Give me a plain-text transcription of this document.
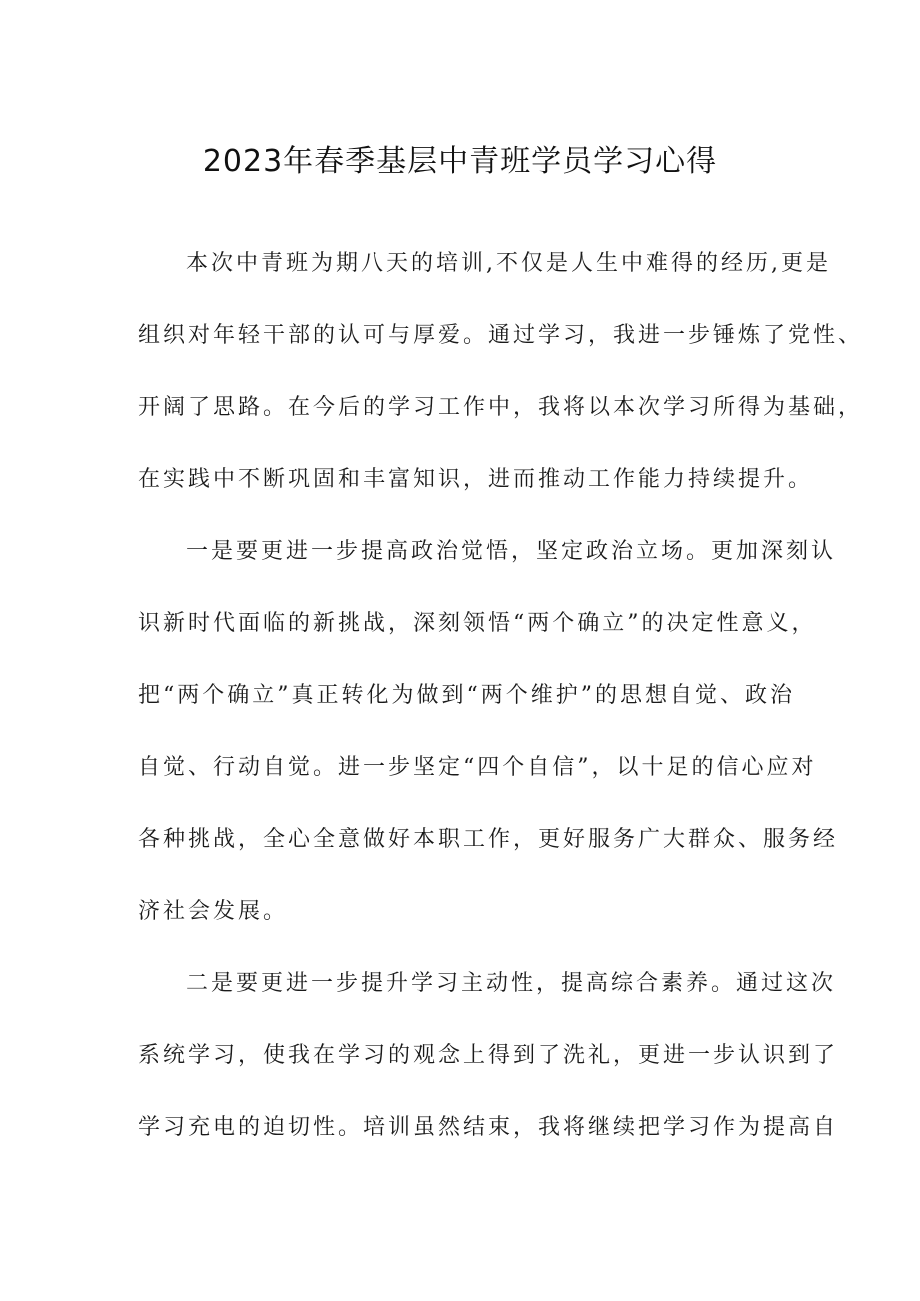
2023年春季基层中青班学员学习心得
本次中青班为期八天的培训,不仅是人生中难得的经历,更是
组织对年轻干部的认可与厚爱。通过学习，我进一步锤炼了党性、
开阔了思路。在今后的学习工作中，我将以本次学习所得为基础，
在实践中不断巩固和丰富知识，进而推动工作能力持续提升。
一是要更进一步提高政治觉悟，坚定政治立场。更加深刻认
识新时代面临的新挑战，深刻领悟“两个确立”的决定性意义，
把“两个确立”真正转化为做到“两个维护”的思想自觉、政治
自觉、行动自觉。进一步坚定“四个自信”，以十足的信心应对
各种挑战，全心全意做好本职工作，更好服务广大群众、服务经
济社会发展。
二是要更进一步提升学习主动性，提高综合素养。通过这次
系统学习，使我在学习的观念上得到了洗礼，更进一步认识到了
学习充电的迫切性。培训虽然结束，我将继续把学习作为提高自
